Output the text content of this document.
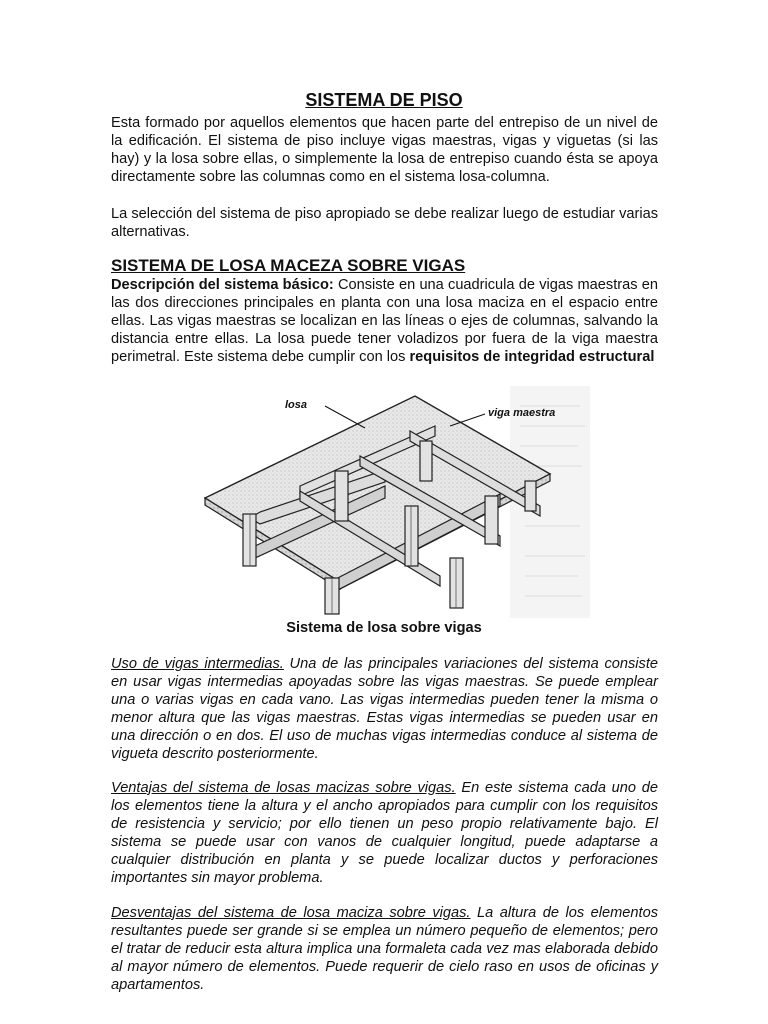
SISTEMA DE PISO

Esta formado por aquellos elementos que hacen parte del entrepiso de un nivel de la edificación. El sistema de piso incluye vigas maestras, vigas y viguetas (si las hay) y la losa sobre ellas, o simplemente la losa de entrepiso cuando ésta se apoya directamente sobre las columnas como en el sistema losa-columna.

La selección del sistema de piso apropiado se debe realizar luego de estudiar varias alternativas.

SISTEMA DE LOSA MACEZA SOBRE VIGAS

Descripción del sistema básico: Consiste en una cuadricula de vigas maestras en las dos direcciones principales en planta con una losa maciza en el espacio entre ellas. Las vigas maestras se localizan en las líneas o ejes de columnas, salvando la distancia entre ellas. La losa puede tener voladizos por fuera de la viga maestra perimetral. Este sistema debe cumplir con los requisitos de integridad estructural

losa
viga maestra

Sistema de losa sobre vigas

Uso de vigas intermedias. Una de las principales variaciones del sistema consiste en usar vigas intermedias apoyadas sobre las vigas maestras. Se puede emplear una o varias vigas en cada vano. Las vigas intermedias pueden tener la misma o menor altura que las vigas maestras. Estas vigas intermedias se pueden usar en una dirección o en dos. El uso de muchas vigas intermedias conduce al sistema de vigueta descrito posteriormente.

Ventajas del sistema de losas macizas sobre vigas. En este sistema cada uno de los elementos tiene la altura y el ancho apropiados para cumplir con los requisitos de resistencia y servicio; por ello tienen un peso propio relativamente bajo. El sistema se puede usar con vanos de cualquier longitud, puede adaptarse a cualquier distribución en planta y se puede localizar ductos y perforaciones importantes sin mayor problema.

Desventajas del sistema de losa maciza sobre vigas. La altura de los elementos resultantes puede ser grande si se emplea un número pequeño de elementos; pero el tratar de reducir esta altura implica una formaleta cada vez mas elaborada debido al mayor número de elementos. Puede requerir de cielo raso en usos de oficinas y apartamentos.
